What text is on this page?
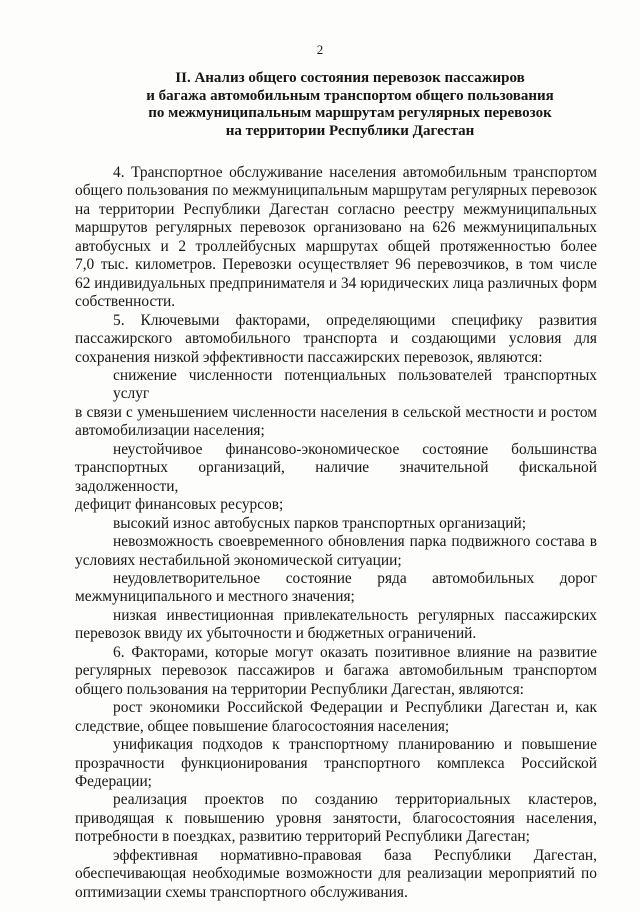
2
II. Анализ общего состояния перевозок пассажиров
и багажа автомобильным транспортом общего пользования
по межмуниципальным маршрутам регулярных перевозок
на территории Республики Дагестан
4. Транспортное обслуживание населения автомобильным транспортом
общего пользования по межмуниципальным маршрутам регулярных перевозок
на территории Республики Дагестан согласно реестру межмуниципальных
маршрутов регулярных перевозок организовано на 626 межмуниципальных
автобусных и 2 троллейбусных маршрутах общей протяженностью более
7,0 тыс. километров. Перевозки осуществляет 96 перевозчиков, в том числе
62 индивидуальных предпринимателя и 34 юридических лица различных форм
собственности.
5. Ключевыми факторами, определяющими специфику развития
пассажирского автомобильного транспорта и создающими условия для
сохранения низкой эффективности пассажирских перевозок, являются:
снижение численности потенциальных пользователей транспортных услуг
в связи с уменьшением численности населения в сельской местности и ростом
автомобилизации населения;
неустойчивое финансово-экономическое состояние большинства
транспортных организаций, наличие значительной фискальной задолженности,
дефицит финансовых ресурсов;
высокий износ автобусных парков транспортных организаций;
невозможность своевременного обновления парка подвижного состава в
условиях нестабильной экономической ситуации;
неудовлетворительное состояние ряда автомобильных дорог
межмуниципального и местного значения;
низкая инвестиционная привлекательность регулярных пассажирских
перевозок ввиду их убыточности и бюджетных ограничений.
6. Факторами, которые могут оказать позитивное влияние на развитие
регулярных перевозок пассажиров и багажа автомобильным транспортом
общего пользования на территории Республики Дагестан, являются:
рост экономики Российской Федерации и Республики Дагестан и, как
следствие, общее повышение благосостояния населения;
унификация подходов к транспортному планированию и повышение
прозрачности функционирования транспортного комплекса Российской
Федерации;
реализация проектов по созданию территориальных кластеров,
приводящая к повышению уровня занятости, благосостояния населения,
потребности в поездках, развитию территорий Республики Дагестан;
эффективная нормативно-правовая база Республики Дагестан,
обеспечивающая необходимые возможности для реализации мероприятий по
оптимизации схемы транспортного обслуживания.
